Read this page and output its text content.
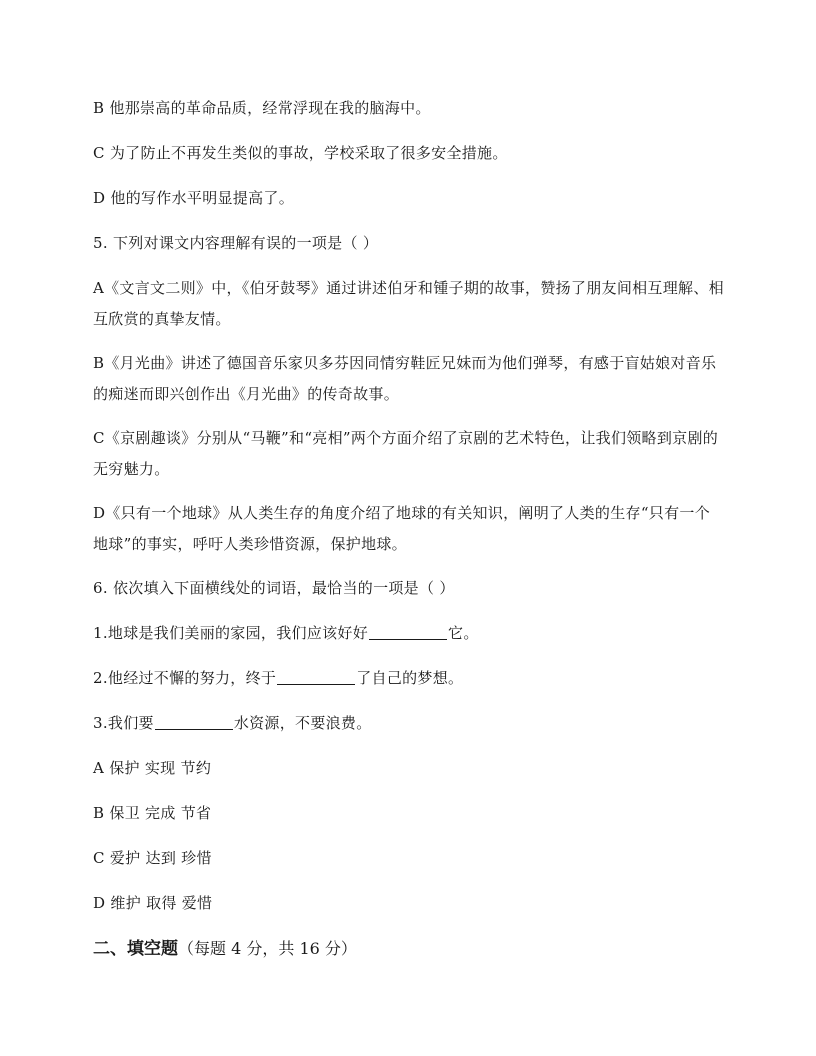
B 他那崇高的革命品质，经常浮现在我的脑海中。

C 为了防止不再发生类似的事故，学校采取了很多安全措施。

D 他的写作水平明显提高了。

5. 下列对课文内容理解有误的一项是（ ）

A《文言文二则》中，《伯牙鼓琴》通过讲述伯牙和锺子期的故事，赞扬了朋友间相互理解、相互欣赏的真挚友情。

B《月光曲》讲述了德国音乐家贝多芬因同情穷鞋匠兄妹而为他们弹琴，有感于盲姑娘对音乐的痴迷而即兴创作出《月光曲》的传奇故事。

C《京剧趣谈》分别从“马鞭”和“亮相”两个方面介绍了京剧的艺术特色，让我们领略到京剧的无穷魅力。

D《只有一个地球》从人类生存的角度介绍了地球的有关知识，阐明了人类的生存“只有一个地球”的事实，呼吁人类珍惜资源，保护地球。

6. 依次填入下面横线处的词语，最恰当的一项是（ ）

1.地球是我们美丽的家园，我们应该好好	它。

2.他经过不懈的努力，终于	了自己的梦想。

3.我们要	水资源，不要浪费。

A 保护 实现 节约

B 保卫 完成 节省

C 爱护 达到 珍惜

D 维护 取得 爱惜

二、填空题（每题 4 分，共 16 分）
